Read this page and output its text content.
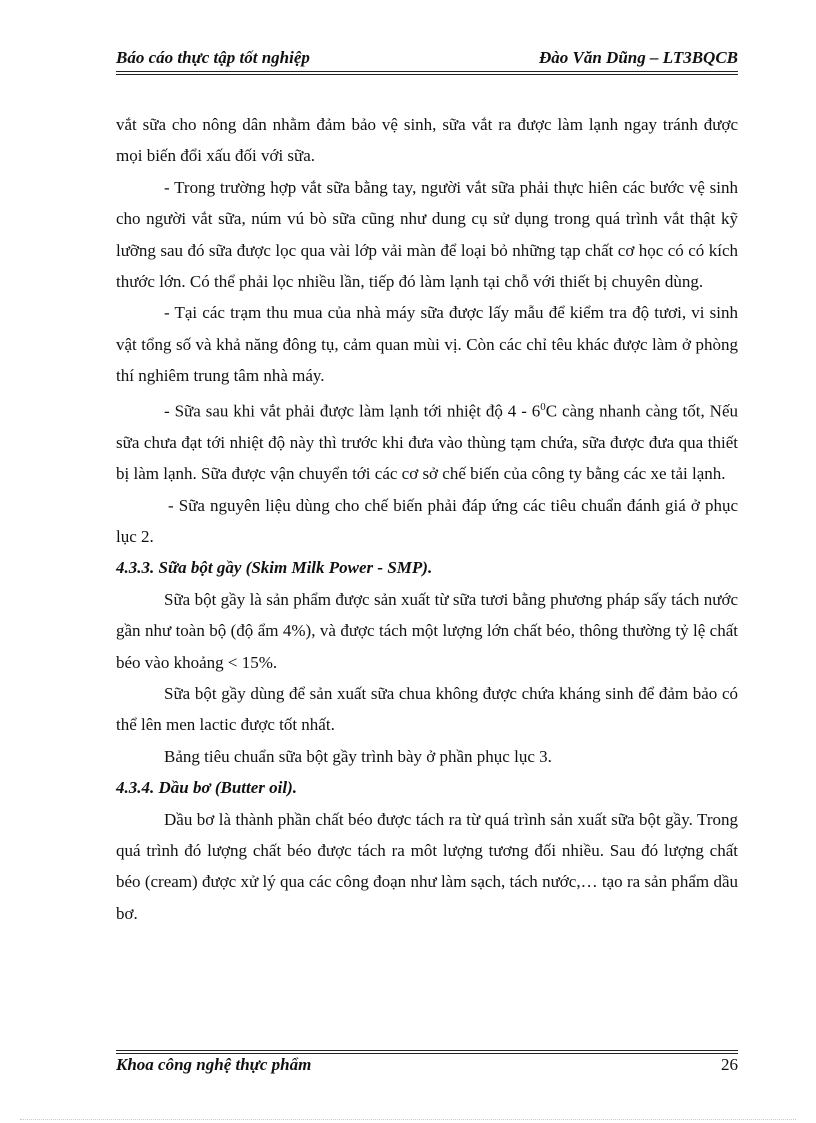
Báo cáo thực tập tốt nghiệp	Đào Văn Dũng – LT3BQCB

vắt sữa cho nông dân nhằm đảm bảo vệ sinh, sữa vắt ra được làm lạnh ngay tránh được mọi biến đổi xấu đối với sữa.

- Trong trường hợp vắt sữa bằng tay, người vắt sữa phải thực hiên các bước vệ sinh cho người vắt sữa, núm vú bò sữa cũng như dung cụ sử dụng trong quá trình vắt thật kỹ lưỡng sau đó sữa được lọc qua vài lớp vải màn để loại bỏ những tạp chất cơ học có có kích thước lớn. Có thể phải lọc nhiều lần, tiếp đó làm lạnh tại chỗ với thiết bị chuyên dùng.

- Tại các trạm thu mua của nhà máy sữa được lấy mẫu để kiểm tra độ tươi, vi sinh vật tổng số và khả năng đông tụ, cảm quan mùi vị. Còn các chỉ têu khác được làm ở phòng thí nghiêm trung tâm nhà máy.

- Sữa sau khi vắt phải được làm lạnh tới nhiệt độ $4 - 6^0C$ càng nhanh càng tốt, Nếu sữa chưa đạt tới nhiệt độ này thì trước khi đưa vào thùng tạm chứa, sữa được đưa qua thiết bị làm lạnh. Sữa được vận chuyển tới các cơ sở chế biến của công ty bằng các xe tải lạnh.

- Sữa nguyên liệu dùng cho chế biến phải đáp ứng các tiêu chuẩn đánh giá ở phục lục 2.

4.3.3. Sữa bột gầy (Skim Milk Power - SMP).

Sữa bột gầy là sản phẩm được sản xuất từ sữa tươi bằng phương pháp sấy tách nước gần như toàn bộ (độ ẩm 4%), và được tách một lượng lớn chất béo, thông thường tỷ lệ chất béo vào khoảng < 15%.

Sữa bột gầy dùng để sản xuất sữa chua không được chứa kháng sinh để đảm bảo có thể lên men lactic được tốt nhất.

Bảng tiêu chuẩn sữa bột gầy trình bày ở phần phục lục 3.

4.3.4. Dầu bơ (Butter oil).

Dầu bơ là thành phần chất béo được tách ra từ quá trình sản xuất sữa bột gầy. Trong quá trình đó lượng chất béo được tách ra môt lượng tương đối nhiều. Sau đó lượng chất béo (cream) được xử lý qua các công đoạn như làm sạch, tách nước,… tạo ra sản phẩm dầu bơ.

Khoa công nghệ thực phẩm	26
